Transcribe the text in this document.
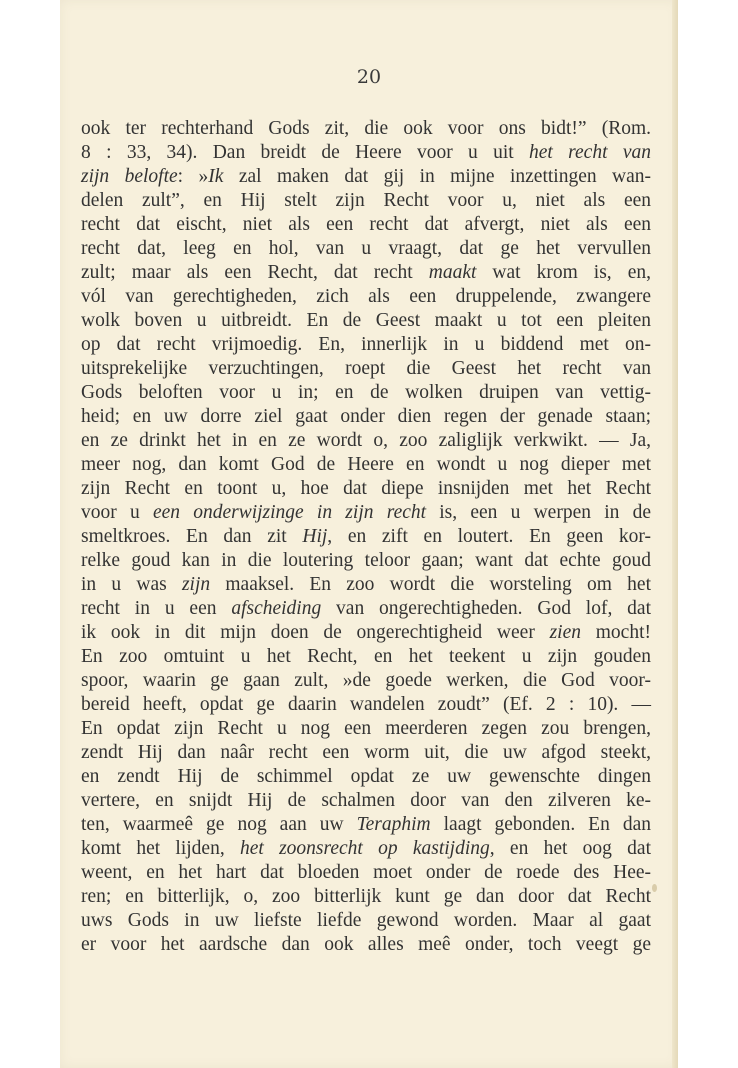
20
ook ter rechterhand Gods zit, die ook voor ons bidt!” (Rom.
8 : 33, 34). Dan breidt de Heere voor u uit het recht van
zijn belofte: »Ik zal maken dat gij in mijne inzettingen wan-
delen zult”, en Hij stelt zijn Recht voor u, niet als een
recht dat eischt, niet als een recht dat afvergt, niet als een
recht dat, leeg en hol, van u vraagt, dat ge het vervullen
zult; maar als een Recht, dat recht maakt wat krom is, en,
vól van gerechtigheden, zich als een druppelende, zwangere
wolk boven u uitbreidt. En de Geest maakt u tot een pleiten
op dat recht vrijmoedig. En, innerlijk in u biddend met on-
uitsprekelijke verzuchtingen, roept die Geest het recht van
Gods beloften voor u in; en de wolken druipen van vettig-
heid; en uw dorre ziel gaat onder dien regen der genade staan;
en ze drinkt het in en ze wordt o, zoo zaliglijk verkwikt. — Ja,
meer nog, dan komt God de Heere en wondt u nog dieper met
zijn Recht en toont u, hoe dat diepe insnijden met het Recht
voor u een onderwijzinge in zijn recht is, een u werpen in de
smeltkroes. En dan zit Hij, en zift en loutert. En geen kor-
relke goud kan in die loutering teloor gaan; want dat echte goud
in u was zijn maaksel. En zoo wordt die worsteling om het
recht in u een afscheiding van ongerechtigheden. God lof, dat
ik ook in dit mijn doen de ongerechtigheid weer zien mocht!
En zoo omtuint u het Recht, en het teekent u zijn gouden
spoor, waarin ge gaan zult, »de goede werken, die God voor-
bereid heeft, opdat ge daarin wandelen zoudt” (Ef. 2 : 10). —
En opdat zijn Recht u nog een meerderen zegen zou brengen,
zendt Hij dan naâr recht een worm uit, die uw afgod steekt,
en zendt Hij de schimmel opdat ze uw gewenschte dingen
vertere, en snijdt Hij de schalmen door van den zilveren ke-
ten, waarmeê ge nog aan uw Teraphim laagt gebonden. En dan
komt het lijden, het zoonsrecht op kastijding, en het oog dat
weent, en het hart dat bloeden moet onder de roede des Hee-
ren; en bitterlijk, o, zoo bitterlijk kunt ge dan door dat Recht
uws Gods in uw liefste liefde gewond worden. Maar al gaat
er voor het aardsche dan ook alles meê onder, toch veegt ge
